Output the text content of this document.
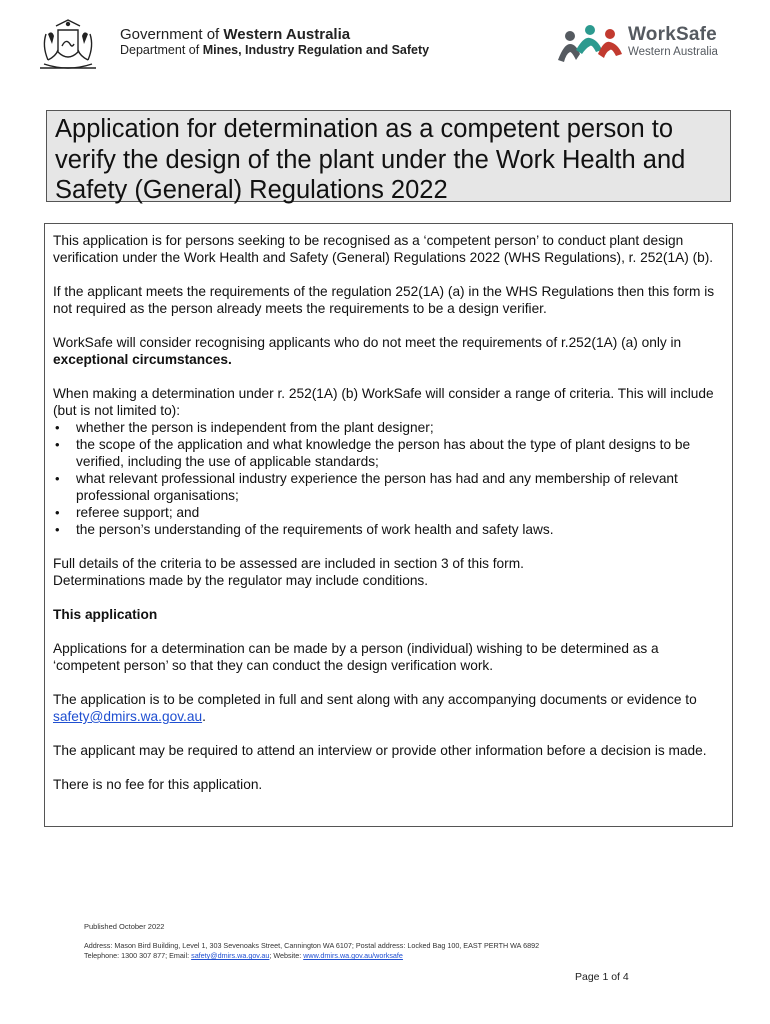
Government of Western Australia
Department of Mines, Industry Regulation and Safety
WorkSafe
Western Australia
Application for determination as a competent person to verify the design of the plant under the Work Health and Safety (General) Regulations 2022

This application is for persons seeking to be recognised as a ‘competent person’ to conduct plant design verification under the Work Health and Safety (General) Regulations 2022 (WHS Regulations), r. 252(1A) (b).

If the applicant meets the requirements of the regulation 252(1A) (a) in the WHS Regulations then this form is not required as the person already meets the requirements to be a design verifier.

WorkSafe will consider recognising applicants who do not meet the requirements of r.252(1A) (a) only in exceptional circumstances.

When making a determination under r. 252(1A) (b) WorkSafe will consider a range of criteria. This will include (but is not limited to):

• whether the person is independent from the plant designer;
• the scope of the application and what knowledge the person has about the type of plant designs to be verified, including the use of applicable standards;
• what relevant professional industry experience the person has had and any membership of relevant professional organisations;
• referee support; and
• the person’s understanding of the requirements of work health and safety laws.

Full details of the criteria to be assessed are included in section 3 of this form.
Determinations made by the regulator may include conditions.

This application

Applications for a determination can be made by a person (individual) wishing to be determined as a ‘competent person’ so that they can conduct the design verification work.

The application is to be completed in full and sent along with any accompanying documents or evidence to safety@dmirs.wa.gov.au.

The applicant may be required to attend an interview or provide other information before a decision is made.

There is no fee for this application.

Published October 2022
Address: Mason Bird Building, Level 1, 303 Sevenoaks Street, Cannington WA 6107; Postal address: Locked Bag 100, EAST PERTH WA 6892
Telephone: 1300 307 877; Email: safety@dmirs.wa.gov.au; Website: www.dmirs.wa.gov.au/worksafe
Page 1 of 4
